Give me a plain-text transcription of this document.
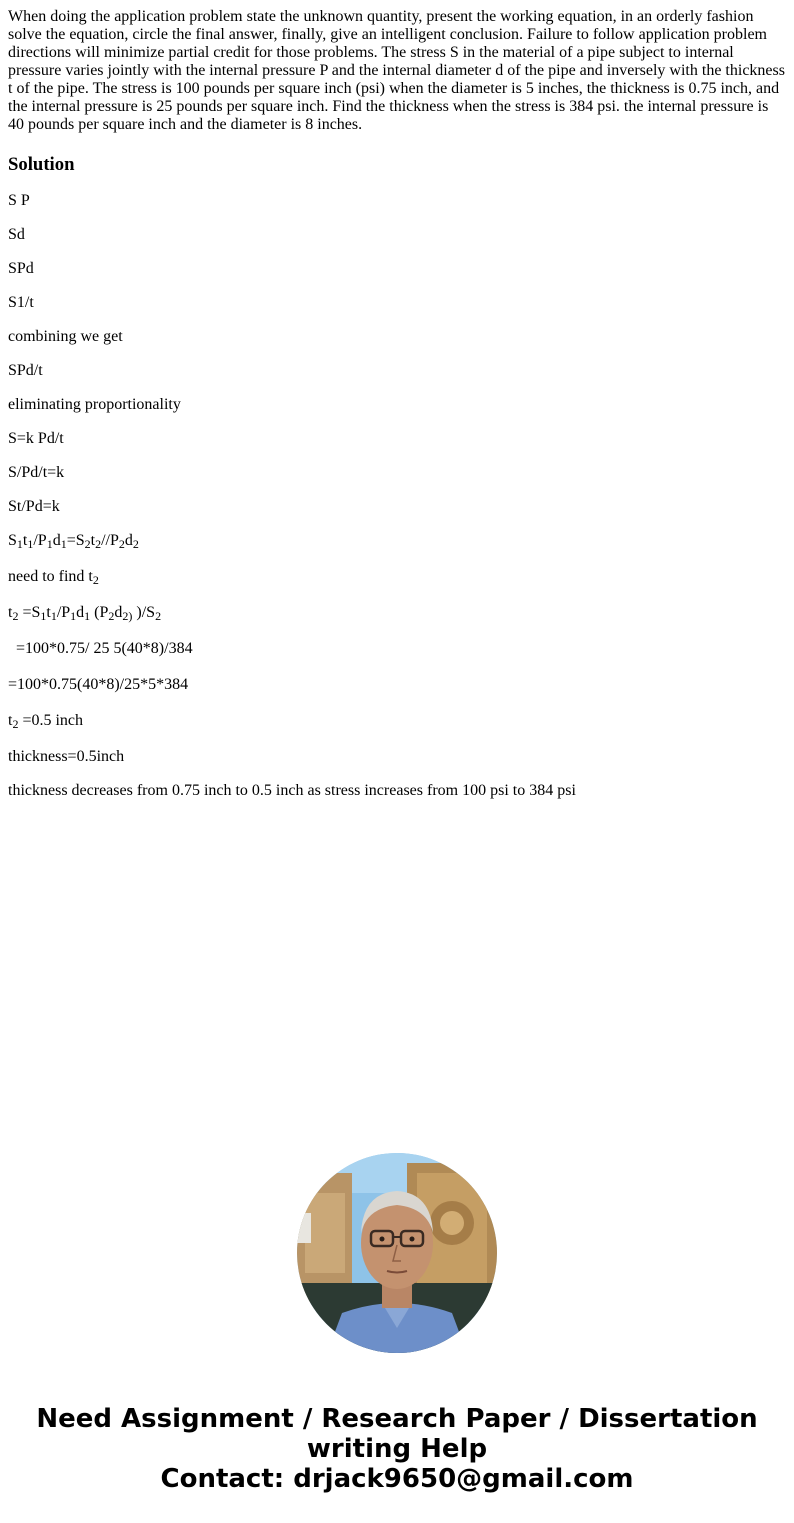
When doing the application problem state the unknown quantity, present the working equation, in an orderly fashion solve the equation, circle the final answer, finally, give an intelligent conclusion. Failure to follow application problem directions will minimize partial credit for those problems. The stress S in the material of a pipe subject to internal pressure varies jointly with the internal pressure P and the internal diameter d of the pipe and inversely with the thickness t of the pipe. The stress is 100 pounds per square inch (psi) when the diameter is 5 inches, the thickness is 0.75 inch, and the internal pressure is 25 pounds per square inch. Find the thickness when the stress is 384 psi. the internal pressure is 40 pounds per square inch and the diameter is 8 inches.

Solution

S P

Sd

SPd

S1/t

combining we get

SPd/t

eliminating proportionality

S=k Pd/t

S/Pd/t=k

St/Pd=k

$S_1t_1/P_1d_1=S_2t_2//P_2d_2$

need to find $t_2$

$t_2 =S_1t_1/P_1d_1$ ($P_2d_{2)}$ )$/S_2$

=100*0.75/ 25 5(40*8)/384

=100*0.75(40*8)/25*5*384

$t_2 =0.5$ inch

thickness=0.5inch

thickness decreases from 0.75 inch to 0.5 inch as stress increases from 100 psi to 384 psi

Need Assignment / Research Paper / Dissertation
writing Help
Contact: drjack9650@gmail.com
